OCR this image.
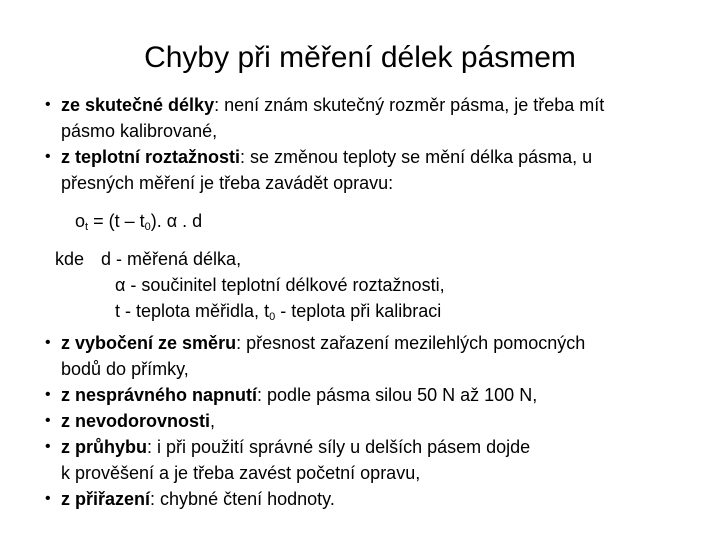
Chyby při měření délek pásmem
• ze skutečné délky: není znám skutečný rozměr pásma, je třeba mít
pásmo kalibrované,
• z teplotní roztažnosti: se změnou teploty se mění délka pásma, u
přesných měření je třeba zavádět opravu:
$o_t = (t - t_0)$. α . d
kde d - měřená délka,
α - součinitel teplotní délkové roztažnosti,
t - teplota měřidla, $t_0$ - teplota při kalibraci
• z vybočení ze směru: přesnost zařazení mezilehlých pomocných
bodů do přímky,
• z nesprávného napnutí: podle pásma silou 50 N až 100 N,
• z nevodorovnosti,
• z průhybu: i při použití správné síly u delších pásem dojde
k prověšení a je třeba zavést početní opravu,
• z přiřazení: chybné čtení hodnoty.
